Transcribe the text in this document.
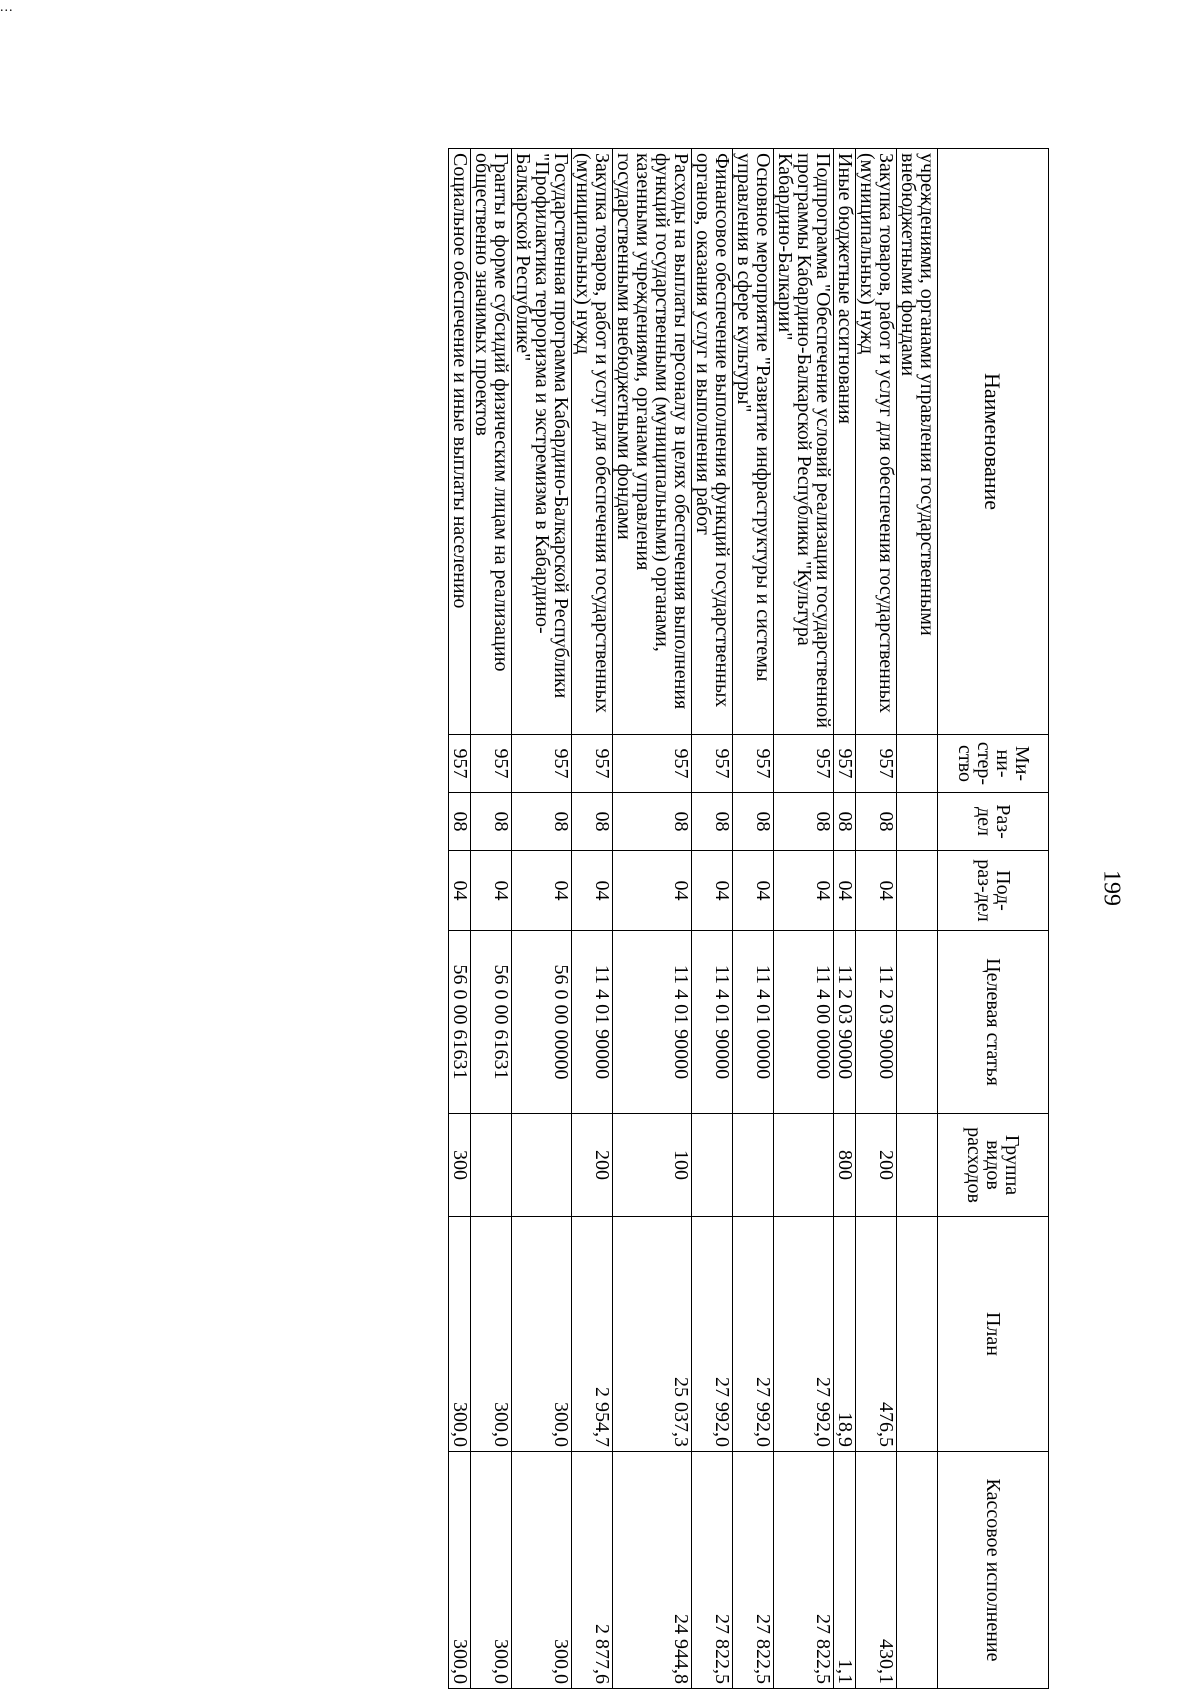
...
199
Наименование	Ми-ни-стер-ство	Раз-дел	Под-раз-дел	Целевая статья	Группа видов расходов	План	Кассовое исполнение
учреждениями, органами управления государственными внебюджетными фондами							
Закупка товаров, работ и услуг для обеспечения государственных (муниципальных) нужд	957	08	04	11 2 03 90000	200	476,5	430,1
Иные бюджетные ассигнования	957	08	04	11 2 03 90000	800	18,9	1,1
Подпрограмма "Обеспечение условий реализации государственной программы Кабардино-Балкарской Республики "Культура Кабардино-Балкарии"	957	08	04	11 4 00 00000		27 992,0	27 822,5
Основное мероприятие "Развитие инфраструктуры и системы управления в сфере культуры"	957	08	04	11 4 01 00000		27 992,0	27 822,5
Финансовое обеспечение выполнения функций государственных органов, оказания услуг и выполнения работ	957	08	04	11 4 01 90000		27 992,0	27 822,5
Расходы на выплаты персоналу в целях обеспечения выполнения функций государственными (муниципальными) органами, казенными учреждениями, органами управления государственными внебюджетными фондами	957	08	04	11 4 01 90000	100	25 037,3	24 944,8
Закупка товаров, работ и услуг для обеспечения государственных (муниципальных) нужд	957	08	04	11 4 01 90000	200	2 954,7	2 877,6
Государственная программа Кабардино-Балкарской Республики "Профилактика терроризма и экстремизма в Кабардино-Балкарской Республике"	957	08	04	56 0 00 00000		300,0	300,0
Гранты в форме субсидий физическим лицам на реализацию общественно значимых проектов	957	08	04	56 0 00 61631		300,0	300,0
Социальное обеспечение и иные выплаты населению	957	08	04	56 0 00 61631	300	300,0	300,0
